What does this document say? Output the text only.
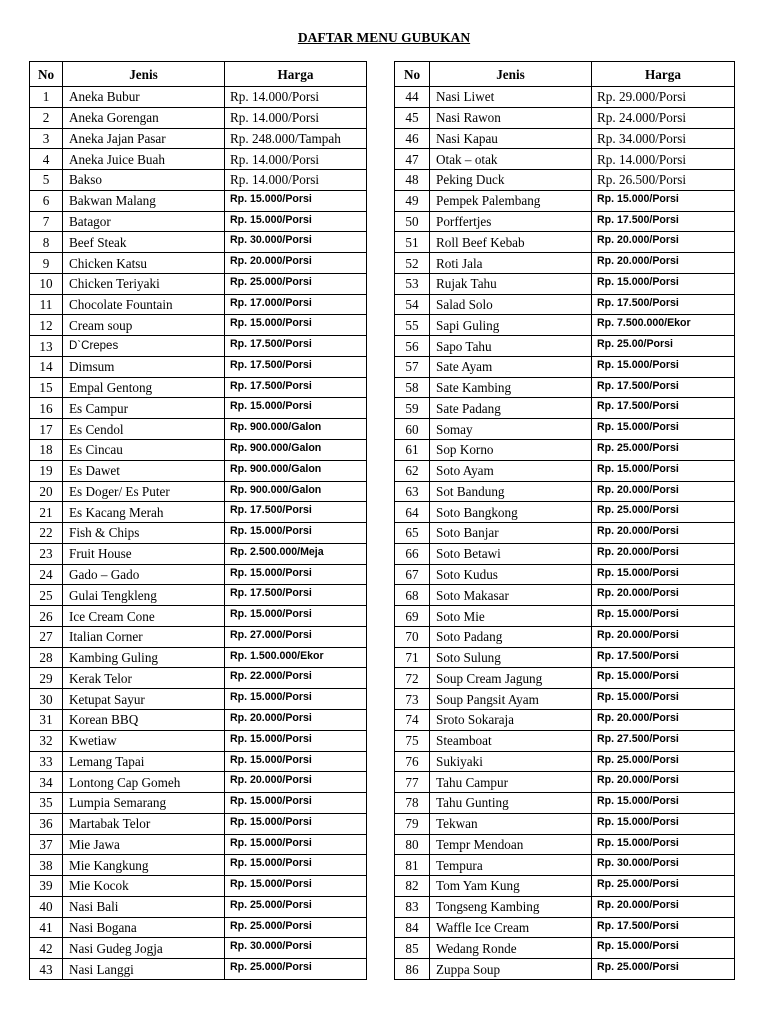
DAFTAR MENU GUBUKAN
No	Jenis	Harga
1	Aneka Bubur	Rp. 14.000/Porsi
2	Aneka Gorengan	Rp. 14.000/Porsi
3	Aneka Jajan Pasar	Rp. 248.000/Tampah
4	Aneka Juice Buah	Rp. 14.000/Porsi
5	Bakso	Rp. 14.000/Porsi
6	Bakwan Malang	Rp. 15.000/Porsi
7	Batagor	Rp. 15.000/Porsi
8	Beef Steak	Rp. 30.000/Porsi
9	Chicken Katsu	Rp. 20.000/Porsi
10	Chicken Teriyaki	Rp. 25.000/Porsi
11	Chocolate Fountain	Rp. 17.000/Porsi
12	Cream soup	Rp. 15.000/Porsi
13	D`Crepes	Rp. 17.500/Porsi
14	Dimsum	Rp. 17.500/Porsi
15	Empal Gentong	Rp. 17.500/Porsi
16	Es Campur	Rp. 15.000/Porsi
17	Es Cendol	Rp. 900.000/Galon
18	Es Cincau	Rp. 900.000/Galon
19	Es Dawet	Rp. 900.000/Galon
20	Es Doger/ Es Puter	Rp. 900.000/Galon
21	Es Kacang Merah	Rp. 17.500/Porsi
22	Fish & Chips	Rp. 15.000/Porsi
23	Fruit House	Rp. 2.500.000/Meja
24	Gado – Gado	Rp. 15.000/Porsi
25	Gulai Tengkleng	Rp. 17.500/Porsi
26	Ice Cream Cone	Rp. 15.000/Porsi
27	Italian Corner	Rp. 27.000/Porsi
28	Kambing Guling	Rp. 1.500.000/Ekor
29	Kerak Telor	Rp. 22.000/Porsi
30	Ketupat Sayur	Rp. 15.000/Porsi
31	Korean BBQ	Rp. 20.000/Porsi
32	Kwetiaw	Rp. 15.000/Porsi
33	Lemang Tapai	Rp. 15.000/Porsi
34	Lontong Cap Gomeh	Rp. 20.000/Porsi
35	Lumpia Semarang	Rp. 15.000/Porsi
36	Martabak Telor	Rp. 15.000/Porsi
37	Mie Jawa	Rp. 15.000/Porsi
38	Mie Kangkung	Rp. 15.000/Porsi
39	Mie Kocok	Rp. 15.000/Porsi
40	Nasi Bali	Rp. 25.000/Porsi
41	Nasi Bogana	Rp. 25.000/Porsi
42	Nasi Gudeg Jogja	Rp. 30.000/Porsi
43	Nasi Langgi	Rp. 25.000/Porsi
No	Jenis	Harga
44	Nasi Liwet	Rp. 29.000/Porsi
45	Nasi Rawon	Rp. 24.000/Porsi
46	Nasi Kapau	Rp. 34.000/Porsi
47	Otak – otak	Rp. 14.000/Porsi
48	Peking Duck	Rp. 26.500/Porsi
49	Pempek Palembang	Rp. 15.000/Porsi
50	Porffertjes	Rp. 17.500/Porsi
51	Roll Beef Kebab	Rp. 20.000/Porsi
52	Roti Jala	Rp. 20.000/Porsi
53	Rujak Tahu	Rp. 15.000/Porsi
54	Salad Solo	Rp. 17.500/Porsi
55	Sapi Guling	Rp. 7.500.000/Ekor
56	Sapo Tahu	Rp. 25.00/Porsi
57	Sate Ayam	Rp. 15.000/Porsi
58	Sate Kambing	Rp. 17.500/Porsi
59	Sate Padang	Rp. 17.500/Porsi
60	Somay	Rp. 15.000/Porsi
61	Sop Korno	Rp. 25.000/Porsi
62	Soto Ayam	Rp. 15.000/Porsi
63	Sot Bandung	Rp. 20.000/Porsi
64	Soto Bangkong	Rp. 25.000/Porsi
65	Soto Banjar	Rp. 20.000/Porsi
66	Soto Betawi	Rp. 20.000/Porsi
67	Soto Kudus	Rp. 15.000/Porsi
68	Soto Makasar	Rp. 20.000/Porsi
69	Soto Mie	Rp. 15.000/Porsi
70	Soto Padang	Rp. 20.000/Porsi
71	Soto Sulung	Rp. 17.500/Porsi
72	Soup Cream Jagung	Rp. 15.000/Porsi
73	Soup Pangsit Ayam	Rp. 15.000/Porsi
74	Sroto Sokaraja	Rp. 20.000/Porsi
75	Steamboat	Rp. 27.500/Porsi
76	Sukiyaki	Rp. 25.000/Porsi
77	Tahu Campur	Rp. 20.000/Porsi
78	Tahu Gunting	Rp. 15.000/Porsi
79	Tekwan	Rp. 15.000/Porsi
80	Tempr Mendoan	Rp. 15.000/Porsi
81	Tempura	Rp. 30.000/Porsi
82	Tom Yam Kung	Rp. 25.000/Porsi
83	Tongseng Kambing	Rp. 20.000/Porsi
84	Waffle Ice Cream	Rp. 17.500/Porsi
85	Wedang Ronde	Rp. 15.000/Porsi
86	Zuppa Soup	Rp. 25.000/Porsi
